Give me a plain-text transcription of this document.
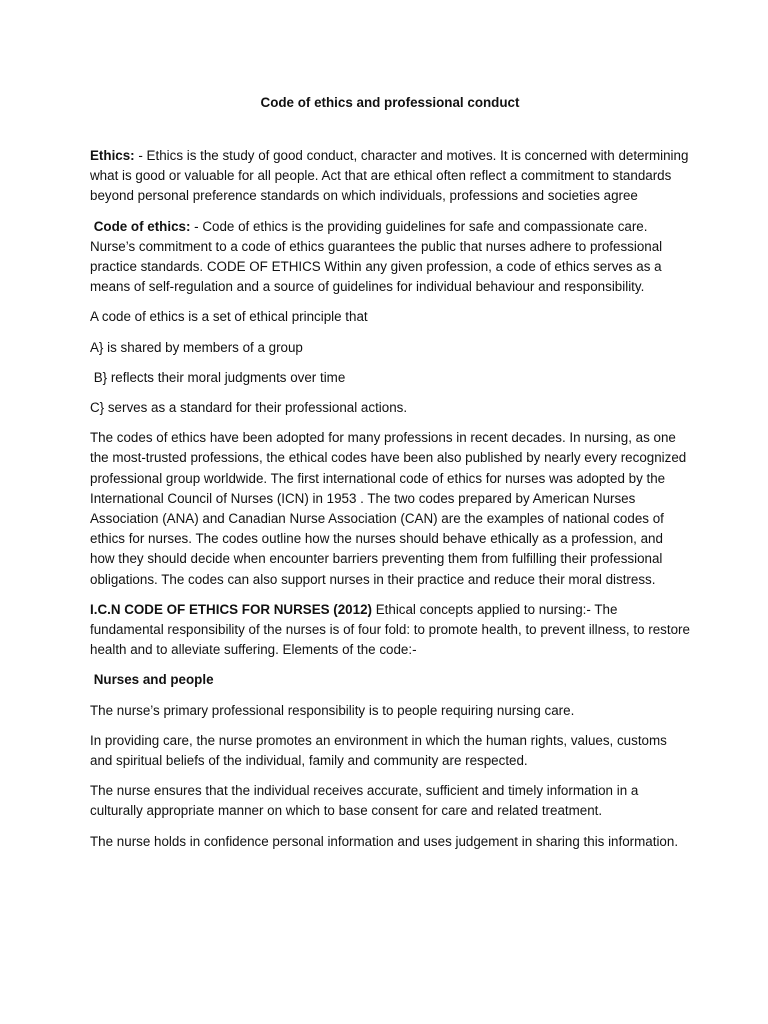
Code of ethics and professional conduct

Ethics: - Ethics is the study of good conduct, character and motives. It is concerned with determining what is good or valuable for all people. Act that are ethical often reflect a commitment to standards beyond personal preference standards on which individuals, professions and societies agree

Code of ethics: - Code of ethics is the providing guidelines for safe and compassionate care. Nurse’s commitment to a code of ethics guarantees the public that nurses adhere to professional practice standards. CODE OF ETHICS Within any given profession, a code of ethics serves as a means of self-regulation and a source of guidelines for individual behaviour and responsibility.

A code of ethics is a set of ethical principle that

A} is shared by members of a group

B} reflects their moral judgments over time

C} serves as a standard for their professional actions.

The codes of ethics have been adopted for many professions in recent decades. In nursing, as one the most-trusted professions, the ethical codes have been also published by nearly every recognized professional group worldwide. The first international code of ethics for nurses was adopted by the International Council of Nurses (ICN) in 1953 . The two codes prepared by American Nurses Association (ANA) and Canadian Nurse Association (CAN) are the examples of national codes of ethics for nurses. The codes outline how the nurses should behave ethically as a profession, and how they should decide when encounter barriers preventing them from fulfilling their professional obligations. The codes can also support nurses in their practice and reduce their moral distress.

I.C.N CODE OF ETHICS FOR NURSES (2012) Ethical concepts applied to nursing:- The fundamental responsibility of the nurses is of four fold: to promote health, to prevent illness, to restore health and to alleviate suffering. Elements of the code:-

Nurses and people

The nurse’s primary professional responsibility is to people requiring nursing care.

In providing care, the nurse promotes an environment in which the human rights, values, customs and spiritual beliefs of the individual, family and community are respected.

The nurse ensures that the individual receives accurate, sufficient and timely information in a culturally appropriate manner on which to base consent for care and related treatment.

The nurse holds in confidence personal information and uses judgement in sharing this information.
